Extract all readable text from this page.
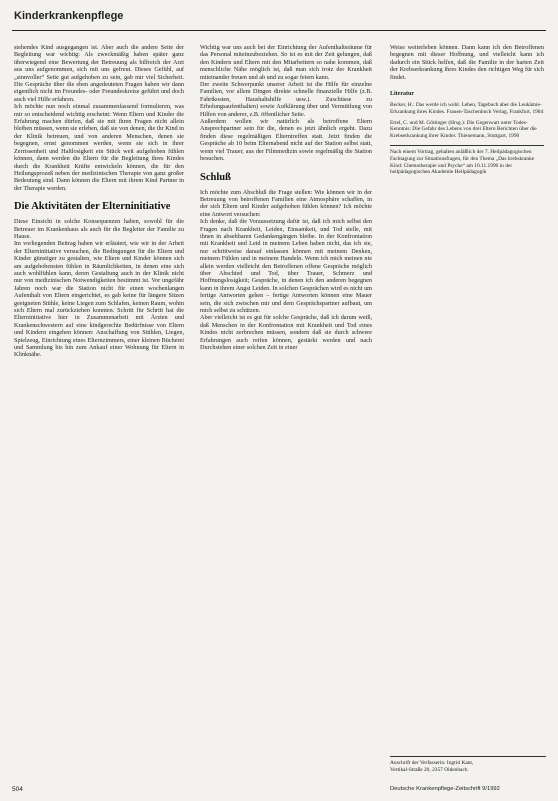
Kinderkrankenpflege

stehendes Kind ausgegangen ist. Aber auch die andere Seite der Begleitung war wichtig: Als zweckmäßig haben später ganz überwiegend eine Bewertung der Betreuung als hilfreich der Arzt aus uns aufgenommen, sich mit uns gefreut. Dieses Gefühl, auf „sinnvoller“ Seite gut aufgehoben zu sein, gab mir viel Sicherheit. Die Gespräche über die eben angedeuteten Fragen haben wir dann eigentlich nicht im Freundes- oder Freundeskreise geführt und doch auch viel Hilfe erfahren.

Ich möchte nun noch einmal zusammenfassend formulieren, was mir so entscheidend wichtig erscheint: Wenn Eltern und Kinder die Erfahrung machen dürfen, daß sie mit ihren Fragen nicht allein bleiben müssen, wenn sie erleben, daß sie von denen, die ihr Kind in der Klinik betreuen, und von anderen Menschen, denen sie begegnen, ernst genommen werden, wenn sie sich in ihrer Zerrissenheit und Haltlosigkeit ein Stück weit aufgehoben fühlen können, dann werden die Eltern für die Begleitung ihres Kindes durch die Krankheit Kräfte entwickeln können, die für den Heilungsprozeß neben der medizinischen Therapie von ganz großer Bedeutung sind. Dann können die Eltern mit ihrem Kind Partner in der Therapie werden.

Die Aktivitäten der Elterninitiative

Diese Einsicht in solche Konsequenzen haben, sowohl für die Betreuer im Krankenhaus als auch für die Begleiter der Familie zu Hause.

Im vorliegenden Beitrag haben wir erläutert, wie wir in der Arbeit der Elterninitiative versuchen, die Bedingungen für die Eltern und Kinder günstiger zu gestalten, wie Eltern und Kinder können sich am aufgehobensten fühlen in Räumlichkeiten, in denen eine sich auch wohlfühlen kann, deren Gestaltung auch in der Klinik nicht nur von medizinischen Notwendigkeiten bestimmt ist. Vor ungefähr Jahren noch war die Station nicht für einen wochenlangen Aufenthalt von Eltern eingerichtet, es gab keine für längere Sitzen geeigneten Stühle, keine Liegen zum Schlafen, keinen Raum, wohin sich Eltern mal zurückziehen konnten. Schritt für Schritt hat die Elterninitiative hier in Zusammenarbeit mit Ärzten und Krankenschwestern auf eine kindgerechte Bedürfnisse von Eltern und Kindern eingehen können: Anschaffung von Stühlen, Liegen, Spielzeug, Einrichtung eines Elternzimmers, einer kleinen Bücherei und Sammlung bis hin zum Ankauf einer Wohnung für Eltern in Klinknähe.

Wichtig war uns auch bei der Einrichtung der Aufenthaltsräume für das Personal miteinzubeziehen. So ist es mit der Zeit gelungen, daß den Kindern und Eltern mit den Mitarbeitern so nahe kommen, daß menschliche Nähe möglich ist, daß man sich trotz der Krankheit miteinander freuen und ab und zu sogar feiern kann.

Der zweite Schwerpunkt unserer Arbeit ist die Hilfe für einzelne Familien, vor allem Dingen direkte schnelle finanzielle Hilfe (z.B. Fahrtkosten, Haushaltshilfe usw.). Zuschüsse zu Erholungsaufenthalten) sowie Aufklärung über und Vermittlung von Hilfen von anderer, z.B. öffentlicher Seite.

Außerdem wollen wir natürlich als betroffene Eltern Ansprechpartner sein für die, denen es jetzt ähnlich ergeht. Dazu finden diese regelmäßigen Elterntreffen statt. Jetzt finden die Gespräche ab 10 beim Elternabend nicht auf der Station selbst statt, wenn viel Trauer, aus der Filmmedizin sowie regelmäßig die Station besuchen.

Schluß

Ich möchte zum Abschluß die Frage stellen: Wie können wir in der Betreuung von betroffenen Familien eine Atmosphäre schaffen, in der sich Eltern und Kinder aufgehoben fühlen können? Ich möchte eine Antwort versuchen:

Ich denke, daß die Voraussetzung dafür ist, daß ich mich selbst den Fragen nach Krankheit, Leiden, Einsamkeit, und Tod stelle, mit ihnen in absehbaren Gedankengängen bleibe. In der Konfrontation mit Krankheit und Leid in meinem Leben haben nicht, das ich sie, nur schrittweise darauf einlassen können mit meinem Denken, meinem Fühlen und in meinem Handeln. Wenn ich mich meinen nie allein werden vielleicht den Betroffenen offene Gespräche möglich über Abschied und Tod, über Trauer, Schmerz und Hoffnungslosigkeit; Gespräche, in denen ich den anderen begegnen kann in ihrem Angst Leiden. In solchen Gesprächen wird es nicht um fertige Antworten gehen – fertige Antworten können eine Mauer sein, die sich zwischen mir und dem Gesprächspartner aufbaut, um mich selbst zu schützen.

Aber vielleicht ist es gut für solche Gespräche, daß ich darum weiß, daß Menschen in der Konfrontation mit Krankheit und Tod eines Kindes nicht zerbrechen müssen, sondern daß sie durch schwere Erfahrungen auch reifen können, gestärkt werden und nach Durchstehen einer solchen Zeit in einer

Weise weiterleben können. Dann kann ich den Betroffenen begegnen mit dieser Hoffnung, und vielleicht kann ich dadurch ein Stück helfen, daß die Familie in der harten Zeit der Krebserkrankung ihres Kindes den richtigen Weg für sich findet.

Literatur

Becker, H.: Das werde ich wohl. Leben, Tagebuch aber die Leukämie-Erkrankung ihres Kindes. Frauen-Taschenbuch Verlag, Frankfurt, 1984

Ertel, C. und M. Göttinger (Hrsg.): Die Gegenwart unter Todes-Kenntnis: Die Gefahr des Lebens von drei Eltern Berichten über die Krebserkrankung ihrer Kinder. Thienemann, Stuttgart, 1990

Nach einem Vortrag, gehalten anläßlich der 7. Heilpädagogischen Fachtagung zur Situationsfragen, für den Thema „Das krebskranke Kind: Chemotherapie und Psyche“ am 10.11.1990 in der heilpädagogischen Akademie Heilpädagogik
Anschrift der Verfasserin: Ingrid Kant,
Vertikal-Straße 20, 2357 Oldenbach
504	Deutsche Krankenpflege-Zeitschrift 9/1992
